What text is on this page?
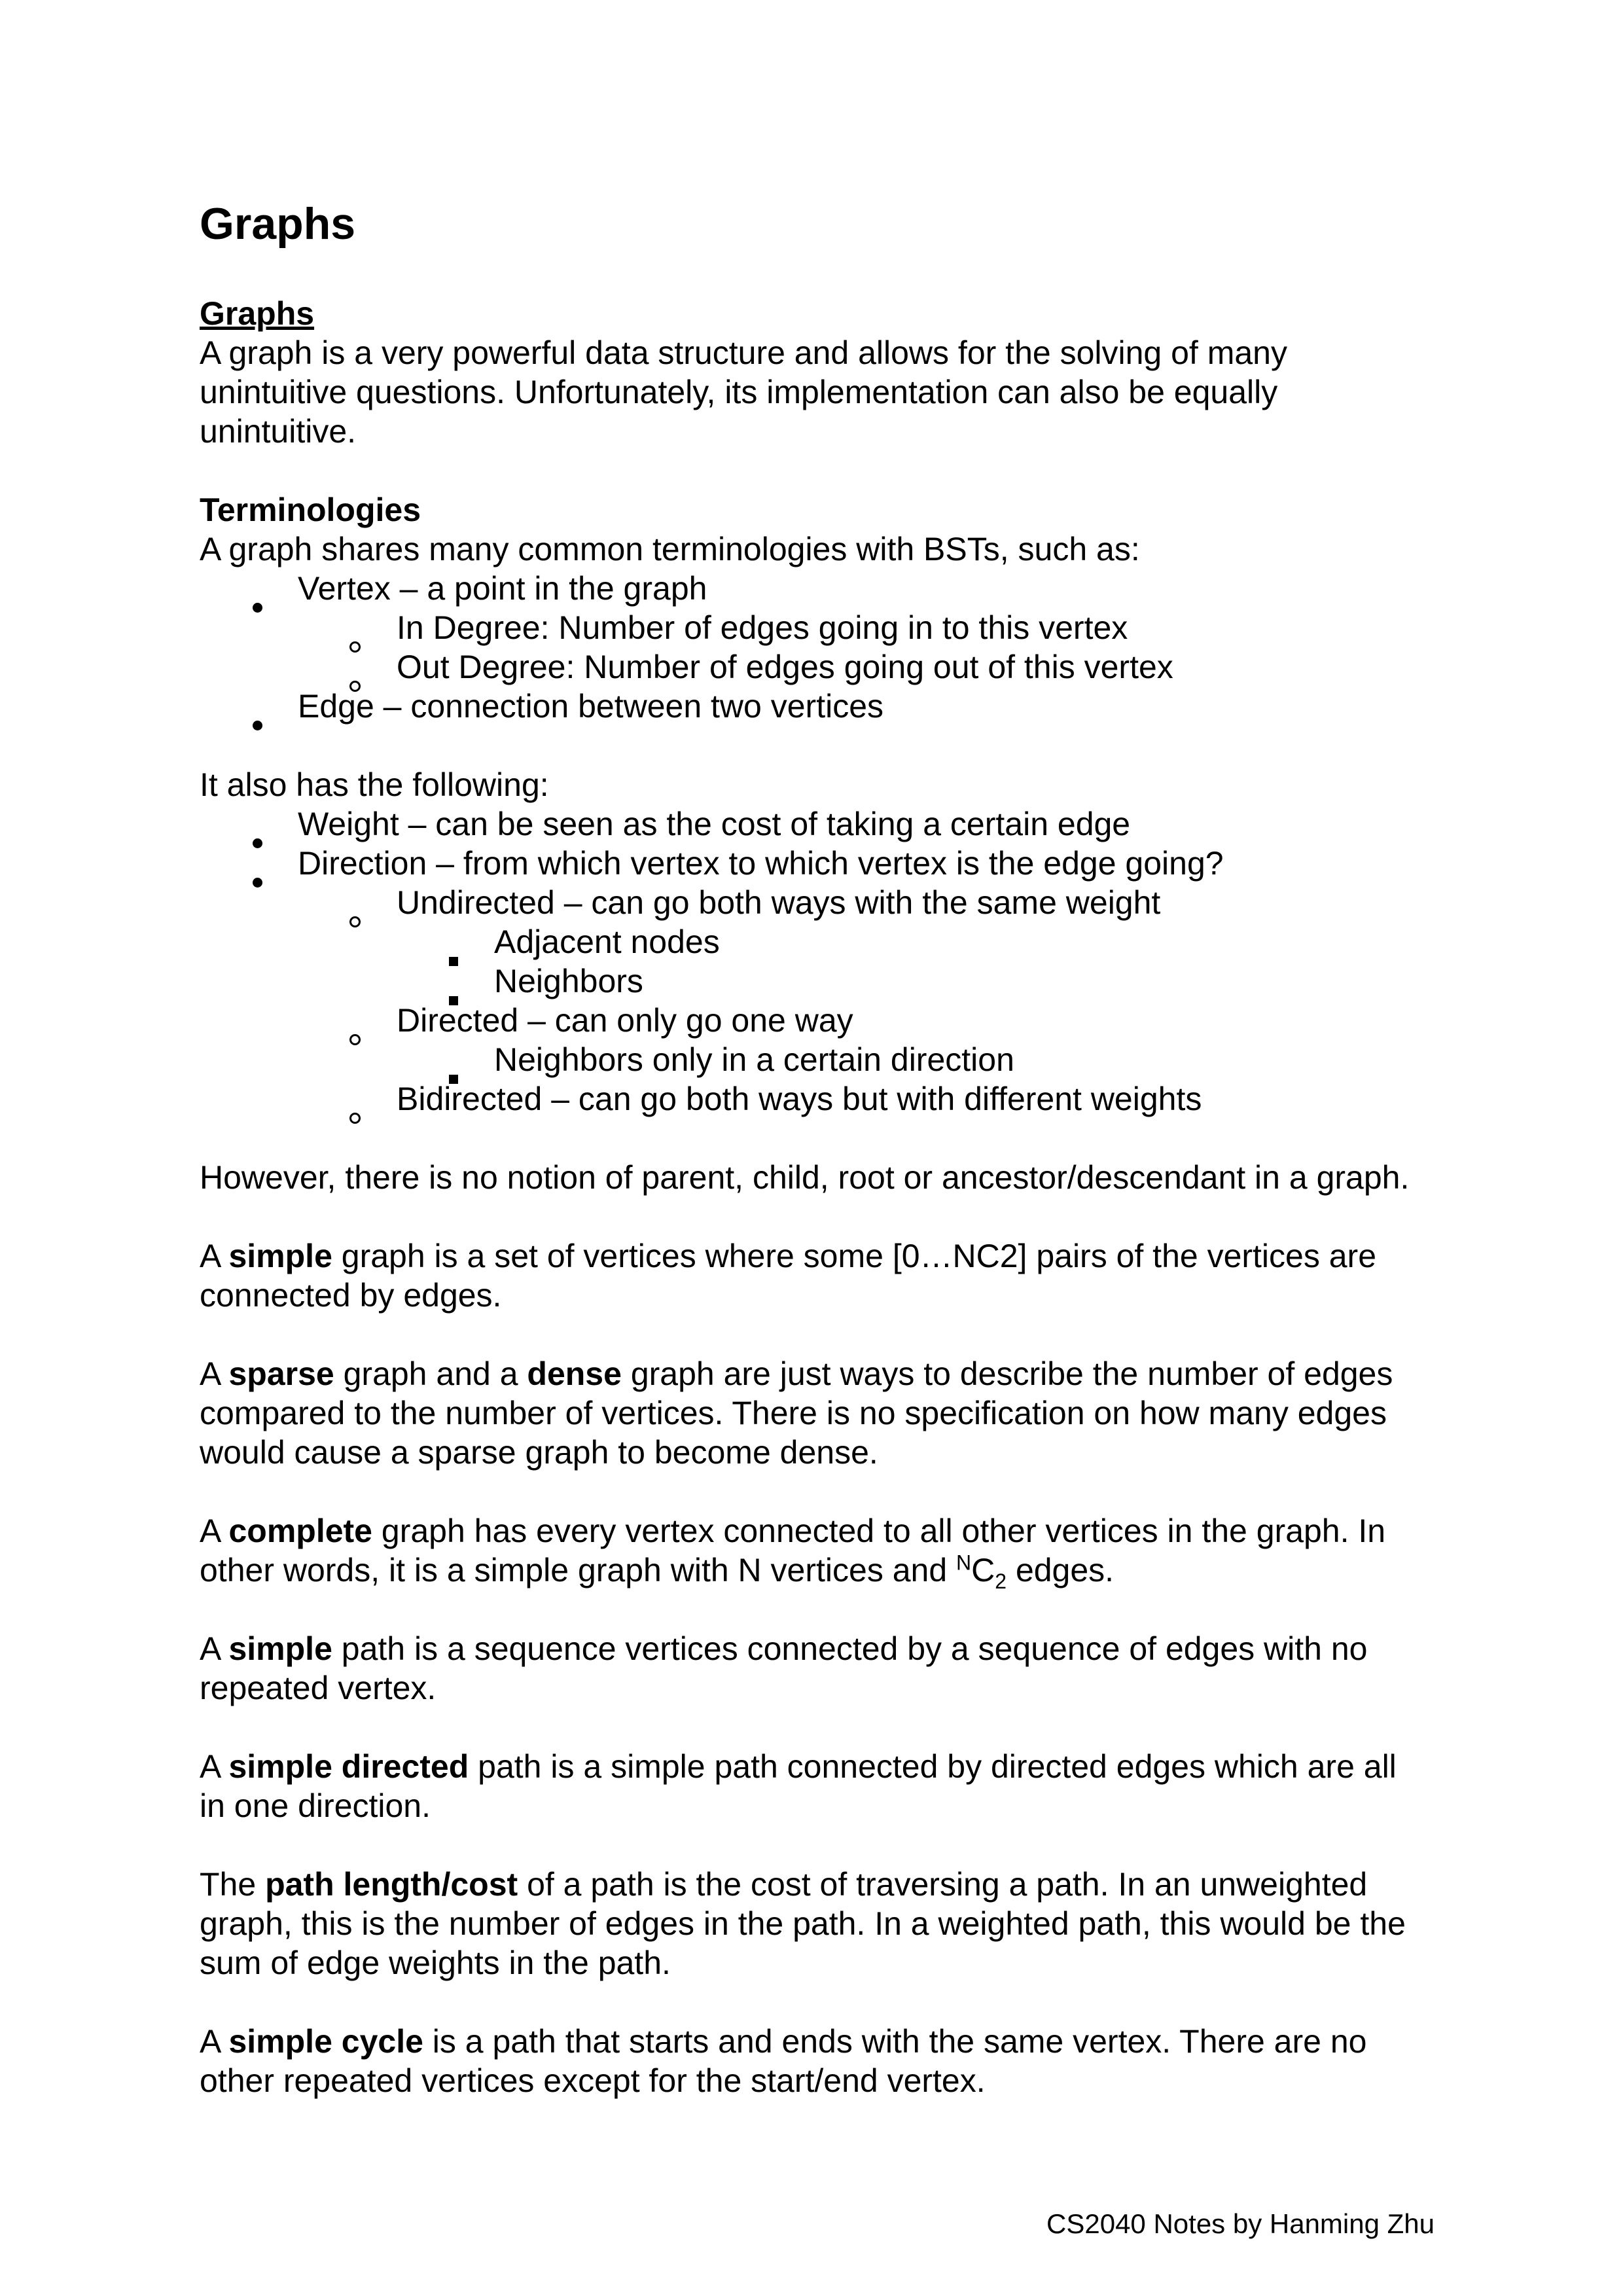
Graphs
Graphs
A graph is a very powerful data structure and allows for the solving of many
unintuitive questions. Unfortunately, its implementation can also be equally
unintuitive.
Terminologies
A graph shares many common terminologies with BSTs, such as:
Vertex – a point in the graph
In Degree: Number of edges going in to this vertex
Out Degree: Number of edges going out of this vertex
Edge – connection between two vertices
It also has the following:
Weight – can be seen as the cost of taking a certain edge
Direction – from which vertex to which vertex is the edge going?
Undirected – can go both ways with the same weight
Adjacent nodes
Neighbors
Directed – can only go one way
Neighbors only in a certain direction
Bidirected – can go both ways but with different weights
However, there is no notion of parent, child, root or ancestor/descendant in a graph.
A simple graph is a set of vertices where some [0…NC2] pairs of the vertices are
connected by edges.
A sparse graph and a dense graph are just ways to describe the number of edges
compared to the number of vertices. There is no specification on how many edges
would cause a sparse graph to become dense.
A complete graph has every vertex connected to all other vertices in the graph. In
other words, it is a simple graph with N vertices and $^NC_2$ edges.
A simple path is a sequence vertices connected by a sequence of edges with no
repeated vertex.
A simple directed path is a simple path connected by directed edges which are all
in one direction.
The path length/cost of a path is the cost of traversing a path. In an unweighted
graph, this is the number of edges in the path. In a weighted path, this would be the
sum of edge weights in the path.
A simple cycle is a path that starts and ends with the same vertex. There are no
other repeated vertices except for the start/end vertex.
CS2040 Notes by Hanming Zhu
